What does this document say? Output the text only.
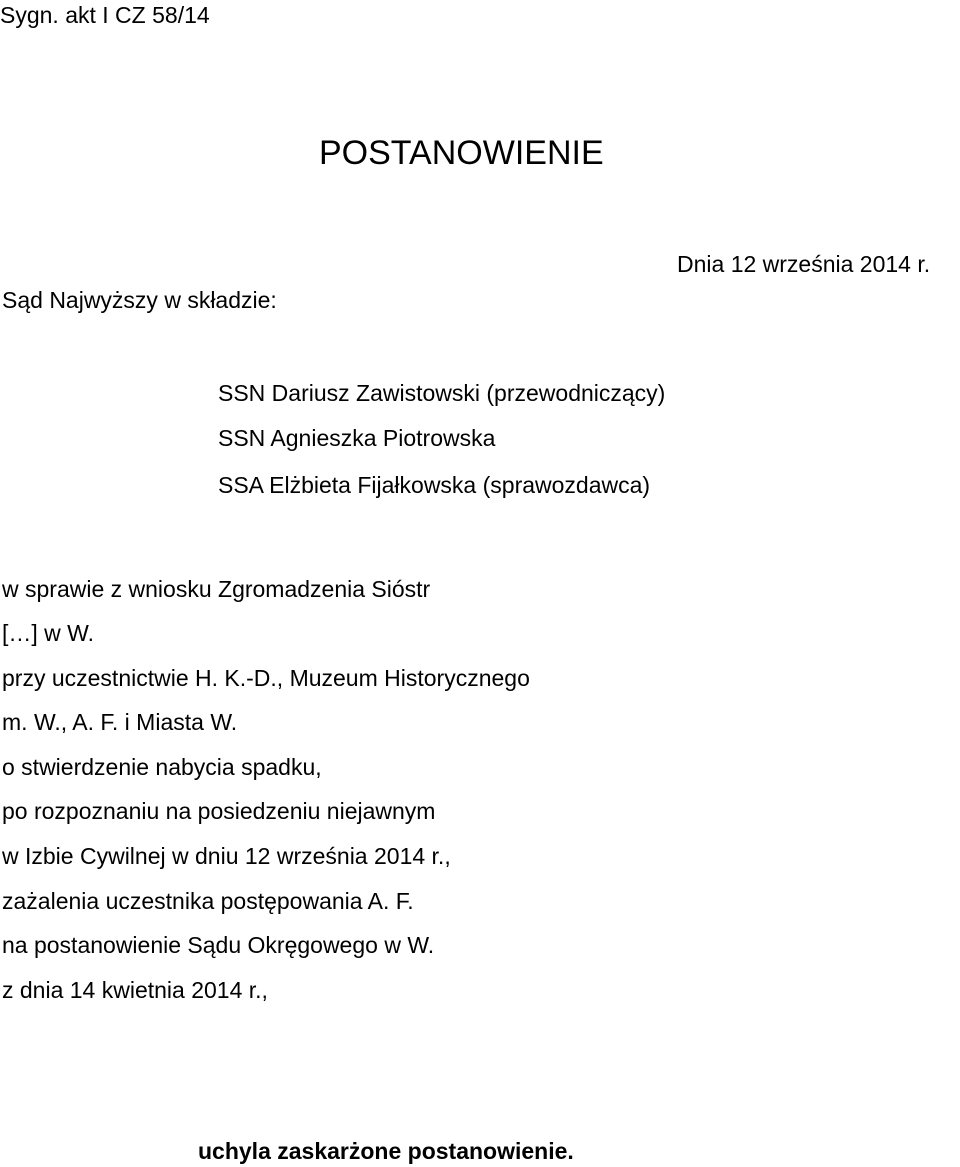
Sygn. akt I CZ 58/14
POSTANOWIENIE
Dnia 12 września 2014 r.
Sąd Najwyższy w składzie:
SSN Dariusz Zawistowski (przewodniczący)
SSN Agnieszka Piotrowska
SSA Elżbieta Fijałkowska (sprawozdawca)
w sprawie z wniosku Zgromadzenia Sióstr
[…] w W.
przy uczestnictwie H. K.-D., Muzeum Historycznego
m. W., A. F. i Miasta W.
o stwierdzenie nabycia spadku,
po rozpoznaniu na posiedzeniu niejawnym
w Izbie Cywilnej w dniu 12 września 2014 r.,
zażalenia uczestnika postępowania A. F.
na postanowienie Sądu Okręgowego w W.
z dnia 14 kwietnia 2014 r.,
uchyla zaskarżone postanowienie.
